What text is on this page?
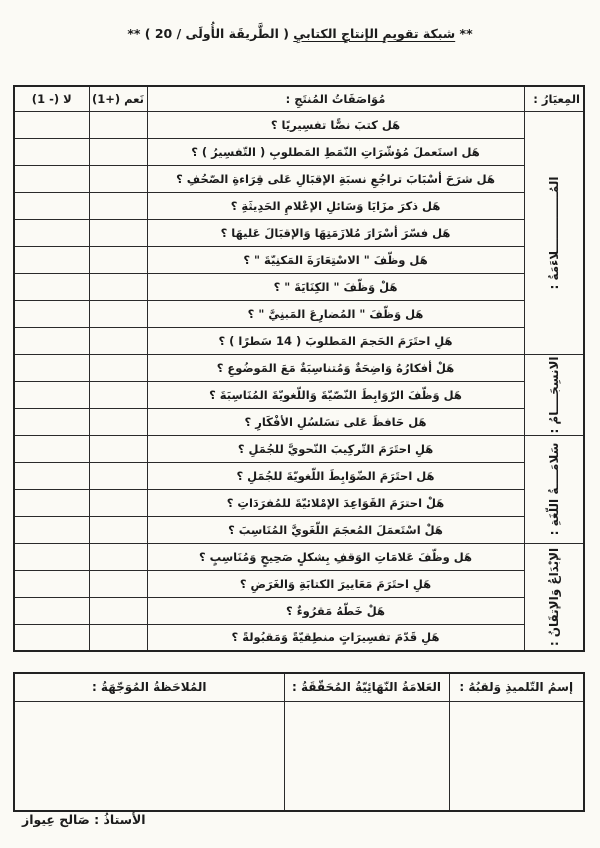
** شبكة تقويمِ الإنتاجِ الكتابيِ ( الطَّريقَة الأُولَى / 20 ) **
المِعيَارُ :	مُوَاصَفَاتُ المُنتَجِ :	نَعم (+1)	لا (- 1)

المُــــــــــــــلاءَمَةُ :	هَل كتبَ نصًّا تفسِيريًا ؟		
	هَل استَعملَ مُؤشّرَاتِ النّمَطِ المَطلوبِ ( التّفسِيرُ ) ؟		
	هَل شرَحَ أسْبَابَ تراجُعِ نسبَةِ الإقبَالِ عَلى قِرَاءةِ الصّحُفِ ؟		
	هَل ذكرَ مزَايَا وَسَائلِ الإعْلامِ الحَدِيثَةِ ؟		
	هَل فسّرَ أسْرَارَ مُلازَمَتِهَا وَالإقبَالَ عَليهَا ؟		
	هَل وظّفَ " الاسْتِعَارَةَ المَكنِيّةَ " ؟		
	هَلْ وَظّفَ " الكِنَايَةَ " ؟		
	هَل وَظّفَ " المُضارِعَ المَبنِيَّ " ؟		
	هَلِ احتَرَمَ الحَجمَ المَطلوبَ ( 14 سَطرًا ) ؟		

الانسِجَــــامُ :	هَلْ أفكارُهُ وَاضِحَةٌ وَمُتناسِبَةٌ مَعَ المَوضُوعِ ؟		
	هَل وَظّفَ الرّوَابِطَ النّصّيّةَ وَاللّغويّةَ المُنَاسِبَةَ ؟		
	هَل حَافظَ عَلى تسَلسُلِ الأفْكَارِ ؟		

سَلامَــــةُ اللّغَةِ :	هَلِ احتَرَمَ التّركِيبَ النّحويَّ للجُمَلِ ؟		
	هَل احتَرَمَ الضّوَابِطَ اللّغويّةَ للجُمَلِ ؟		
	هَلْ احترَمَ القَوَاعِدَ الإمْلائيّةَ للمُفرَدَاتِ ؟		
	هَلْ اسْتَعمَلَ المُعجَمَ اللّغَويَّ المُنَاسِبَ ؟		

الإبْدَاعُ وَالإتقَانُ :	هَل وظّفَ عَلامَاتِ الوَقفِ بِشكلٍ صَحِيحٍ وَمُنَاسِبٍ ؟		
	هَلِ احتَرَمَ مَعَاييرَ الكتابَةِ وَالغَرَضِ ؟		
	هَلْ خَطّهُ مَقرُوءٌ ؟		
	هَلِ قَدّمَ تفسِيرَاتٍ منطِقيّةً وَمَقبُولةً ؟		
إسمُ التّلميذِ وَلقبُهُ :	العَلامَةُ النّهَائِيّةُ المُحَقّقَةُ :	المُلاحَظةُ المُوَجّهَةُ :

الأستاذُ : صَالح عِيواز
